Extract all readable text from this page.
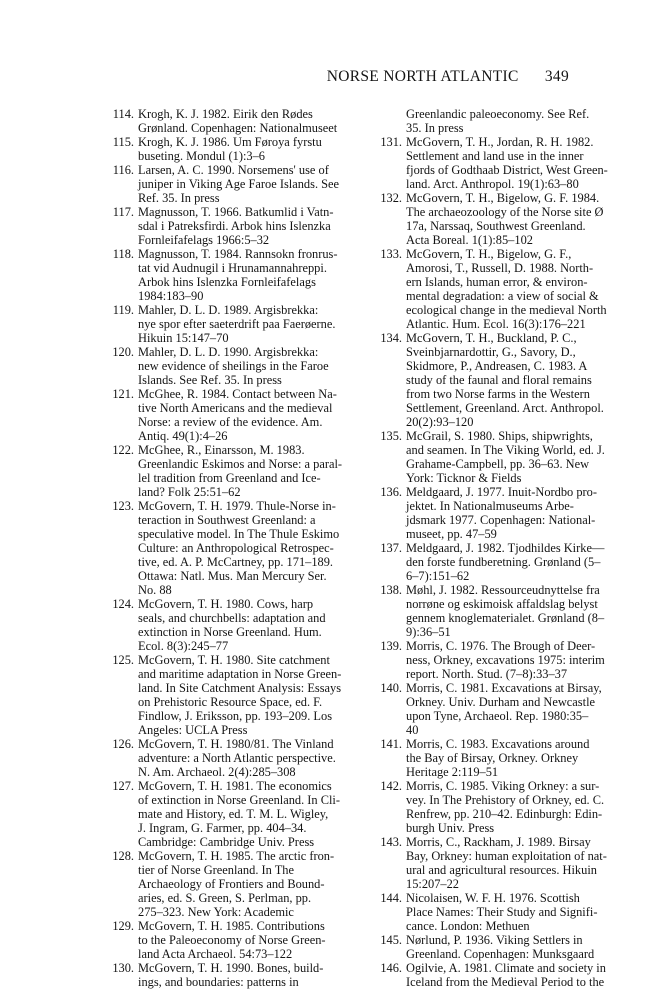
NORSE NORTH ATLANTIC 349
114. Krogh, K. J. 1982. Eirik den Rødes
Grønland. Copenhagen: Nationalmuseet
115. Krogh, K. J. 1986. Um Føroya fyrstu
buseting. Mondul (1):3–6
116. Larsen, A. C. 1990. Norsemens' use of
juniper in Viking Age Faroe Islands. See
Ref. 35. In press
117. Magnusson, T. 1966. Batkumlid i Vatn-
sdal i Patreksfirdi. Arbok hins Islenzka
Fornleifafelags 1966:5–32
118. Magnusson, T. 1984. Rannsokn fronrus-
tat vid Audnugil i Hrunamannahreppi.
Arbok hins Islenzka Fornleifafelags
1984:183–90
119. Mahler, D. L. D. 1989. Argisbrekka:
nye spor efter saeterdrift paa Faerøerne.
Hikuin 15:147–70
120. Mahler, D. L. D. 1990. Argisbrekka:
new evidence of sheilings in the Faroe
Islands. See Ref. 35. In press
121. McGhee, R. 1984. Contact between Na-
tive North Americans and the medieval
Norse: a review of the evidence. Am.
Antiq. 49(1):4–26
122. McGhee, R., Einarsson, M. 1983.
Greenlandic Eskimos and Norse: a paral-
lel tradition from Greenland and Ice-
land? Folk 25:51–62
123. McGovern, T. H. 1979. Thule-Norse in-
teraction in Southwest Greenland: a
speculative model. In The Thule Eskimo
Culture: an Anthropological Retrospec-
tive, ed. A. P. McCartney, pp. 171–189.
Ottawa: Natl. Mus. Man Mercury Ser.
No. 88
124. McGovern, T. H. 1980. Cows, harp
seals, and churchbells: adaptation and
extinction in Norse Greenland. Hum.
Ecol. 8(3):245–77
125. McGovern, T. H. 1980. Site catchment
and maritime adaptation in Norse Green-
land. In Site Catchment Analysis: Essays
on Prehistoric Resource Space, ed. F.
Findlow, J. Eriksson, pp. 193–209. Los
Angeles: UCLA Press
126. McGovern, T. H. 1980/81. The Vinland
adventure: a North Atlantic perspective.
N. Am. Archaeol. 2(4):285–308
127. McGovern, T. H. 1981. The economics
of extinction in Norse Greenland. In Cli-
mate and History, ed. T. M. L. Wigley,
J. Ingram, G. Farmer, pp. 404–34.
Cambridge: Cambridge Univ. Press
128. McGovern, T. H. 1985. The arctic fron-
tier of Norse Greenland. In The
Archaeology of Frontiers and Bound-
aries, ed. S. Green, S. Perlman, pp.
275–323. New York: Academic
129. McGovern, T. H. 1985. Contributions
to the Paleoeconomy of Norse Green-
land Acta Archaeol. 54:73–122
130. McGovern, T. H. 1990. Bones, build-
ings, and boundaries: patterns in
Greenlandic paleoeconomy. See Ref.
35. In press
131. McGovern, T. H., Jordan, R. H. 1982.
Settlement and land use in the inner
fjords of Godthaab District, West Green-
land. Arct. Anthropol. 19(1):63–80
132. McGovern, T. H., Bigelow, G. F. 1984.
The archaeozoology of the Norse site Ø
17a, Narssaq, Southwest Greenland.
Acta Boreal. 1(1):85–102
133. McGovern, T. H., Bigelow, G. F.,
Amorosi, T., Russell, D. 1988. North-
ern Islands, human error, & environ-
mental degradation: a view of social &
ecological change in the medieval North
Atlantic. Hum. Ecol. 16(3):176–221
134. McGovern, T. H., Buckland, P. C.,
Sveinbjarnardottir, G., Savory, D.,
Skidmore, P., Andreasen, C. 1983. A
study of the faunal and floral remains
from two Norse farms in the Western
Settlement, Greenland. Arct. Anthropol.
20(2):93–120
135. McGrail, S. 1980. Ships, shipwrights,
and seamen. In The Viking World, ed. J.
Grahame-Campbell, pp. 36–63. New
York: Ticknor & Fields
136. Meldgaard, J. 1977. Inuit-Nordbo pro-
jektet. In Nationalmuseums Arbe-
jdsmark 1977. Copenhagen: National-
museet, pp. 47–59
137. Meldgaard, J. 1982. Tjodhildes Kirke—
den forste fundberetning. Grønland (5–
6–7):151–62
138. Møhl, J. 1982. Ressourceudnyttelse fra
norrøne og eskimoisk affaldslag belyst
gennem knoglematerialet. Grønland (8–
9):36–51
139. Morris, C. 1976. The Brough of Deer-
ness, Orkney, excavations 1975: interim
report. North. Stud. (7–8):33–37
140. Morris, C. 1981. Excavations at Birsay,
Orkney. Univ. Durham and Newcastle
upon Tyne, Archaeol. Rep. 1980:35–
40
141. Morris, C. 1983. Excavations around
the Bay of Birsay, Orkney. Orkney
Heritage 2:119–51
142. Morris, C. 1985. Viking Orkney: a sur-
vey. In The Prehistory of Orkney, ed. C.
Renfrew, pp. 210–42. Edinburgh: Edin-
burgh Univ. Press
143. Morris, C., Rackham, J. 1989. Birsay
Bay, Orkney: human exploitation of nat-
ural and agricultural resources. Hikuin
15:207–22
144. Nicolaisen, W. F. H. 1976. Scottish
Place Names: Their Study and Signifi-
cance. London: Methuen
145. Nørlund, P. 1936. Viking Settlers in
Greenland. Copenhagen: Munksgaard
146. Ogilvie, A. 1981. Climate and society in
Iceland from the Medieval Period to the
